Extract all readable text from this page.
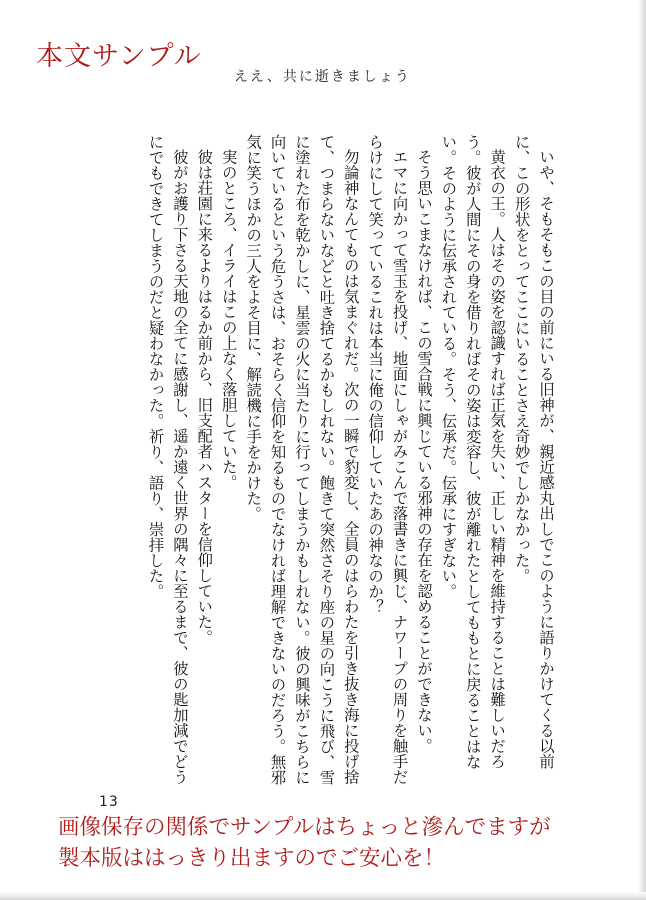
本文サンプル
ええ、共に逝きましょう

いや、そもそもこの目の前にいる旧神が、親近感丸出しでこのように語りかけてくる以前に、この形状をとってここにいることさえ奇妙でしかなかった。

黄衣の王。人はその姿を認識すれば正気を失い、正しい精神を維持することは難しいだろう。彼が人間にその身を借りればその姿は変容し、彼が離れたとしてももとに戻ることはない。そのように伝承されている。そう、伝承だ。伝承にすぎない。

そう思いこまなければ、この雪合戦に興じている邪神の存在を認めることができない。

エマに向かって雪玉を投げ、地面にしゃがみこんで落書きに興じ、ナワープの周りを触手だらけにして笑っているこれは本当に俺の信仰していたあの神なのか？

勿論神なんてものは気まぐれだ。次の一瞬で豹変し、全員のはらわたを引き抜き海に投げ捨て、つまらないなどと吐き捨てるかもしれない。飽きて突然さそり座の星の向こうに飛び、雪に塗れた布を乾かしに、星雲の火に当たりに行ってしまうかもしれない。彼の興味がこちらに向いているという危うさは、おそらく信仰を知るものでなければ理解できないのだろう。無邪気に笑うほかの三人をよそ目に、解読機に手をかけた。

実のところ、イライはこの上なく落胆していた。

彼は荘園に来るよりはるか前から、旧支配者ハスターを信仰していた。

彼がお護り下さる天地の全てに感謝し、遥か遠く世界の隅々に至るまで、彼の匙加減でどうにでもできてしまうのだと疑わなかった。祈り、語り、崇拝した。

13
画像保存の関係でサンプルはちょっと滲んでますが
製本版ははっきり出ますのでご安心を！
